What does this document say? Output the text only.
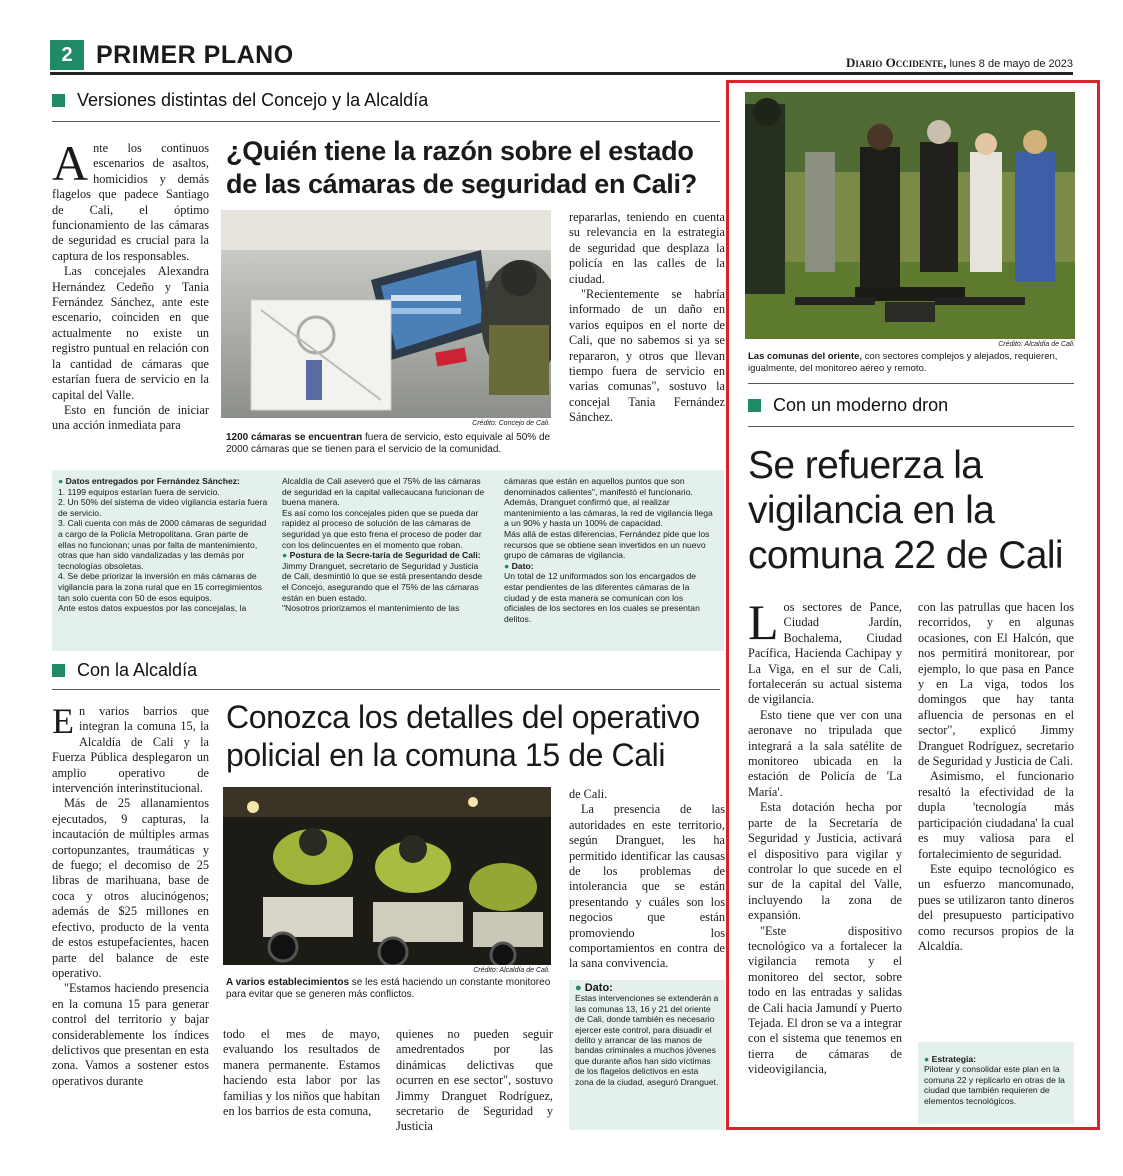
2 PRIMER PLANO	Diario Occidente, lunes 8 de mayo de 2023
Versiones distintas del Concejo y la Alcaldía

Ante los continuos escenarios de asaltos, homicidios y demás flagelos que padece Santiago de Cali, el óptimo funcionamiento de las cámaras de seguridad es crucial para la captura de los responsables.

Las concejales Alexandra Hernández Cedeño y Tania Fernández Sánchez, ante este escenario, coinciden en que actualmente no existe un registro puntual en relación con la cantidad de cámaras que estarían fuera de servicio en la capital del Valle.

Esto en función de iniciar una acción inmediata para

¿Quién tiene la razón sobre el estado de las cámaras de seguridad en Cali?
Crédito: Concejo de Cali.
1200 cámaras se encuentran fuera de servicio, esto equivale al 50% de 2000 cámaras que se tienen para el servicio de la comunidad.

repararlas, teniendo en cuenta su relevancia en la estrategia de seguridad que desplaza la policía en las calles de la ciudad.

"Recientemente se habría informado de un daño en varios equipos en el norte de Cali, que no sabemos si ya se repararon, y otros que llevan tiempo fuera de servicio en varias comunas", sostuvo la concejal Tania Fernández Sánchez.

● Datos entregados por Fernández Sánchez:
1. 1199 equipos estarían fuera de servicio.
2. Un 50% del sistema de video vigilancia estaría fuera de servicio.
3. Cali cuenta con más de 2000 cámaras de seguridad a cargo de la Policía Metropolitana. Gran parte de ellas no funcionan; unas por falta de mantenimiento, otras que han sido vandalizadas y las demás por tecnologías obsoletas.
4. Se debe priorizar la inversión en más cámaras de vigilancia para la zona rural que en 15 corregimientos tan solo cuenta con 50 de esos equipos.
Ante estos datos expuestos por las concejalas, la
Alcaldía de Cali aseveró que el 75% de las cámaras de seguridad en la capital vallecaucana funcionan de buena manera.
Es así como los concejales piden que se pueda dar rapidez al proceso de solución de las cámaras de seguridad ya que esto frena el proceso de poder dar con los delincuentes en el momento que roban.
● Postura de la Secre-taría de Seguridad de Cali:
Jimmy Dranguet, secretario de Seguridad y Justicia de Cali, desmintió lo que se está presentando desde el Concejo, asegurando que el 75% de las cámaras están en buen estado.
"Nosotros priorizamos el mantenimiento de las
cámaras que están en aquellos puntos que son denominados calientes", manifestó el funcionario.
Además, Dranguet confirmó que, al realizar mantenimiento a las cámaras, la red de vigilancia llega a un 90% y hasta un 100% de capacidad.
Más allá de estas diferencias, Fernández pide que los recursos que se obtiene sean invertidos en un nuevo grupo de cámaras de vigilancia.
● Dato:
Un total de 12 uniformados son los encargados de estar pendientes de las diferentes cámaras de la ciudad y de esta manera se comunican con los oficiales de los sectores en los cuales se presentan delitos.
Con la Alcaldía

En varios barrios que integran la comuna 15, la Alcaldía de Cali y la Fuerza Pública desplegaron un amplio operativo de intervención interinstitucional.

Más de 25 allanamientos ejecutados, 9 capturas, la incautación de múltiples armas cortopunzantes, traumáticas y de fuego; el decomiso de 25 libras de marihuana, base de coca y otros alucinógenos; además de $25 millones en efectivo, producto de la venta de estos estupefacientes, hacen parte del balance de este operativo.

"Estamos haciendo presencia en la comuna 15 para generar control del territorio y bajar considerablemente los índices delictivos que presentan en esta zona. Vamos a sostener estos operativos durante

Conozca los detalles del operativo policial en la comuna 15 de Cali
Crédito: Alcaldía de Cali.
A varios establecimientos se les está haciendo un constante monitoreo para evitar que se generen más conflictos.

todo el mes de mayo, evaluando los resultados de manera permanente. Estamos haciendo esta labor por las familias y los niños que habitan en los barrios de esta comuna,

quienes no pueden seguir amedrentados por las dinámicas delictivas que ocurren en ese sector", sostuvo Jimmy Dranguet Rodríguez, secretario de Seguridad y Justicia

de Cali.

La presencia de las autoridades en este territorio, según Dranguet, les ha permitido identificar las causas de los problemas de intolerancia que se están presentando y cuáles son los negocios que están promoviendo los comportamientos en contra de la sana convivencia.

● Dato:
Estas intervenciones se extenderán a las comunas 13, 16 y 21 del oriente de Cali, donde también es necesario ejercer este control, para disuadir el delito y arrancar de las manos de bandas criminales a muchos jóvenes que durante años han sido víctimas de los flagelos delictivos en esta zona de la ciudad, aseguró Dranguet.
Crédito: Alcaldía de Cali.
Las comunas del oriente, con sectores complejos y alejados, requieren, igualmente, del monitoreo aéreo y remoto.
Con un moderno dron
Se refuerza la vigilancia en la comuna 22 de Cali

Los sectores de Pance, Ciudad Jardín, Bochalema, Ciudad Pacífica, Hacienda Cachipay y La Viga, en el sur de Cali, fortalecerán su actual sistema de vigilancia.

Esto tiene que ver con una aeronave no tripulada que integrará a la sala satélite de monitoreo ubicada en la estación de Policía de 'La María'.

Esta dotación hecha por parte de la Secretaría de Seguridad y Justicia, activará el dispositivo para vigilar y controlar lo que sucede en el sur de la capital del Valle, incluyendo la zona de expansión.

"Este dispositivo tecnológico va a fortalecer la vigilancia remota y el monitoreo del sector, sobre todo en las entradas y salidas de Cali hacia Jamundí y Puerto Tejada. El dron se va a integrar con el sistema que tenemos en tierra de cámaras de videovigilancia,

con las patrullas que hacen los recorridos, y en algunas ocasiones, con El Halcón, que nos permitirá monitorear, por ejemplo, lo que pasa en Pance y en La viga, todos los domingos que hay tanta afluencia de personas en el sector", explicó Jimmy Dranguet Rodríguez, secretario de Seguridad y Justicia de Cali.

Asimismo, el funcionario resaltó la efectividad de la dupla 'tecnología más participación ciudadana' la cual es muy valiosa para el fortalecimiento de seguridad.

Este equipo tecnológico es un esfuerzo mancomunado, pues se utilizaron tanto dineros del presupuesto participativo como recursos propios de la Alcaldía.

● Estrategia:
Pilotear y consolidar este plan en la comuna 22 y replicarlo en otras de la ciudad que también requieren de elementos tecnológicos.
